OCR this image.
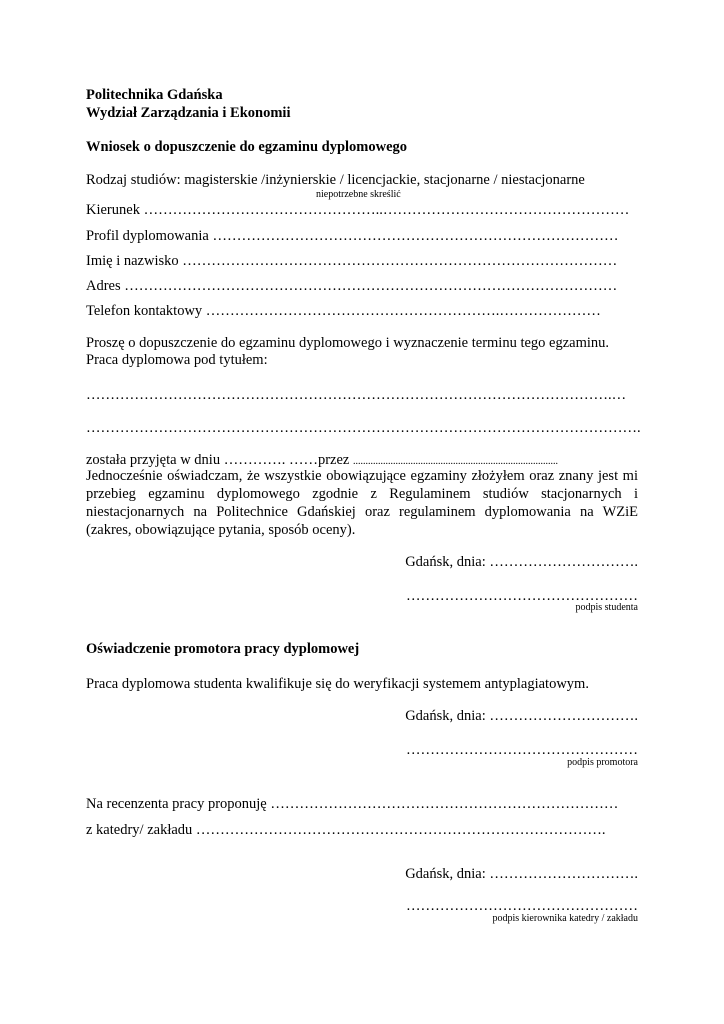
Politechnika Gdańska
Wydział Zarządzania i Ekonomii
Wniosek o dopuszczenie do egzaminu dyplomowego
Rodzaj studiów: magisterskie /inżynierskie / licencjackie, stacjonarne / niestacjonarne
niepotrzebne skreślić
Kierunek …………………………………………..……………………………………………
Profil dyplomowania …………………………………………………………………………
Imię i nazwisko ………………………………………………………………………………
Adres …………………………………………………………………………………………
Telefon kontaktowy …………………………………………………….…………………
Proszę o dopuszczenie do egzaminu dyplomowego i wyznaczenie terminu tego egzaminu.
Praca dyplomowa pod tytułem:
……………………………………………………………………………………………….…
…………………………………………………………………………………………………….
została przyjęta w dniu …………. ……przez ..................................................................................
Jednocześnie oświadczam, że wszystkie obowiązujące egzaminy złożyłem oraz znany jest mi przebieg egzaminu dyplomowego zgodnie z Regulaminem studiów stacjonarnych i niestacjonarnych na Politechnice Gdańskiej oraz regulaminem dyplomowania na WZiE (zakres, obowiązujące pytania, sposób oceny).
Gdańsk, dnia: ………………………….
…………………………………………
podpis studenta
Oświadczenie promotora pracy dyplomowej
Praca dyplomowa studenta kwalifikuje się do weryfikacji systemem antyplagiatowym.
Gdańsk, dnia: ………………………….
…………………………………………
podpis promotora
Na recenzenta pracy proponuję ………………………………………………………………
z katedry/ zakładu ………………………………………………………………………….
Gdańsk, dnia: ………………………….
…………………………………………
podpis kierownika katedry / zakładu
